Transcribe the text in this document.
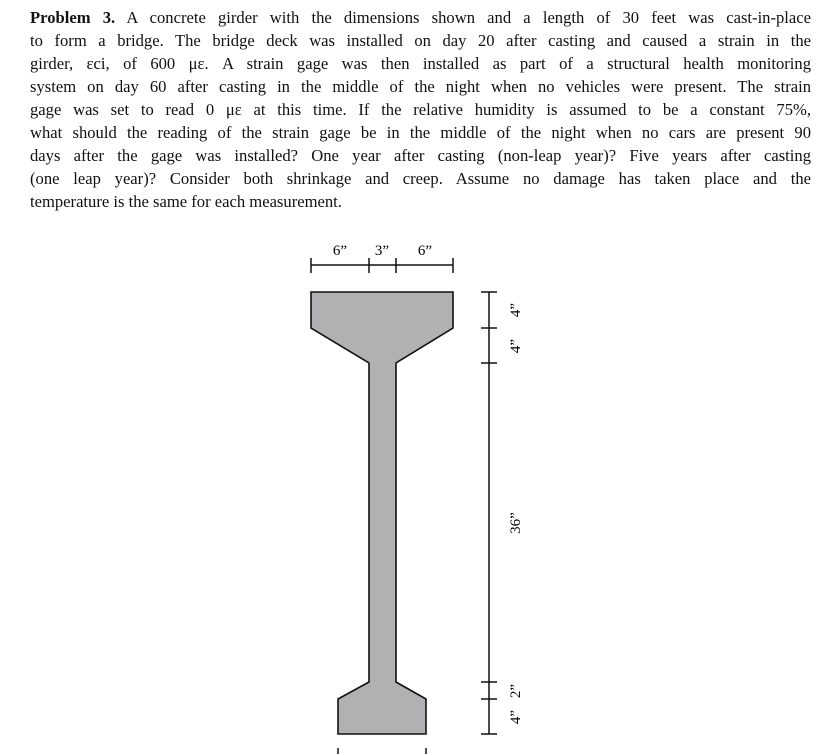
Problem 3. A concrete girder with the dimensions shown and a length of 30 feet was cast-in-place
to form a bridge. The bridge deck was installed on day 20 after casting and caused a strain in the
girder, εci, of 600 με. A strain gage was then installed as part of a structural health monitoring
system on day 60 after casting in the middle of the night when no vehicles were present. The strain
gage was set to read 0 με at this time. If the relative humidity is assumed to be a constant 75%,
what should the reading of the strain gage be in the middle of the night when no cars are present 90
days after the gage was installed? One year after casting (non-leap year)? Five years after casting
(one leap year)? Consider both shrinkage and creep. Assume no damage has taken place and the
temperature is the same for each measurement.
6” 3” 6”
4”
4”
36”
2”
4”
